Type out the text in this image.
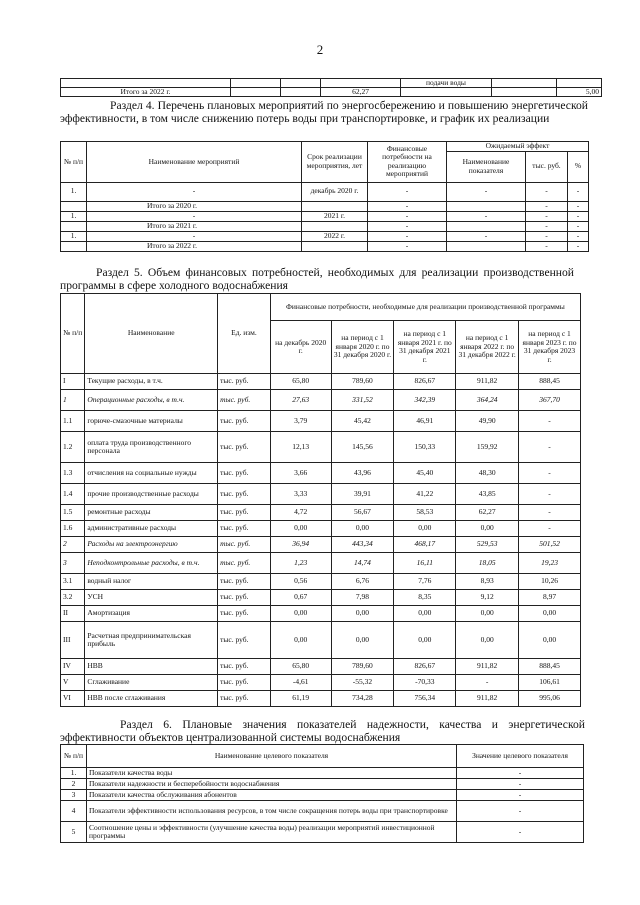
2
				подачи воды		
Итого за 2022 г.			62,27			5,00
Раздел 4. Перечень плановых мероприятий по энергосбережению и повышению энергетической эффективности, в том числе снижению потерь воды при транспортировке, и график их реализации
№ п/п	Наименование мероприятий	Срок реализации мероприятия, лет	Финансовые потребности на реализацию мероприятий	Ожидаемый эффект		
				Наименование показателя	тыс. руб.	%
1.	-	декабрь 2020 г.	-	-	-	-
	Итого за 2020 г.		-		-	-
1.	-	2021 г.	-	-	-	-
	Итого за 2021 г.		-		-	-
1.	-	2022 г.	-	-	-	-
	Итого за 2022 г.		-		-	-
Раздел 5. Объем финансовых потребностей, необходимых для реализации производственной программы в сфере холодного водоснабжения
№ п/п	Наименование	Ед. изм.	Финансовые потребности, необходимые для реализации производственной программы				
			на декабрь 2020 г.	на период с 1 января 2020 г. по 31 декабря 2020 г.	на период с 1 января 2021 г. по 31 декабря 2021 г.	на период с 1 января 2022 г. по 31 декабря 2022 г.	на период с 1 января 2023 г. по 31 декабря 2023 г.
I	Текущие расходы, в т.ч.	тыс. руб.	65,80	789,60	826,67	911,82	888,45
1	Операционные расходы, в т.ч.	тыс. руб.	27,63	331,52	342,39	364,24	367,70
1.1	горюче-смазочные материалы	тыс. руб.	3,79	45,42	46,91	49,90	-
1.2	оплата труда производственного персонала	тыс. руб.	12,13	145,56	150,33	159,92	-
1.3	отчисления на социальные нужды	тыс. руб.	3,66	43,96	45,40	48,30	-
1.4	прочие производственные расходы	тыс. руб.	3,33	39,91	41,22	43,85	-
1.5	ремонтные расходы	тыс. руб.	4,72	56,67	58,53	62,27	-
1.6	административные расходы	тыс. руб.	0,00	0,00	0,00	0,00	-
2	Расходы на электроэнергию	тыс. руб.	36,94	443,34	468,17	529,53	501,52
3	Неподконтрольные расходы, в т.ч.	тыс. руб.	1,23	14,74	16,11	18,05	19,23
3.1	водный налог	тыс. руб.	0,56	6,76	7,76	8,93	10,26
3.2	УСН	тыс. руб.	0,67	7,98	8,35	9,12	8,97
II	Амортизация	тыс. руб.	0,00	0,00	0,00	0,00	0,00
III	Расчетная предпринимательская прибыль	тыс. руб.	0,00	0,00	0,00	0,00	0,00
IV	НВВ	тыс. руб.	65,80	789,60	826,67	911,82	888,45
V	Сглаживание	тыс. руб.	-4,61	-55,32	-70,33	-	106,61
VI	НВВ после сглаживания	тыс. руб.	61,19	734,28	756,34	911,82	995,06
Раздел 6. Плановые значения показателей надежности, качества и энергетической эффективности объектов централизованной системы водоснабжения
№ п/п	Наименование целевого показателя	Значение целевого показателя
1.	Показатели качества воды	-
2	Показатели надежности и бесперебойности водоснабжения	-
3	Показатели качества обслуживания абонентов	-
4	Показатели эффективности использования ресурсов, в том числе сокращения потерь воды при транспортировке	-
5	Соотношение цены и эффективности (улучшение качества воды) реализации мероприятий инвестиционной программы	-
